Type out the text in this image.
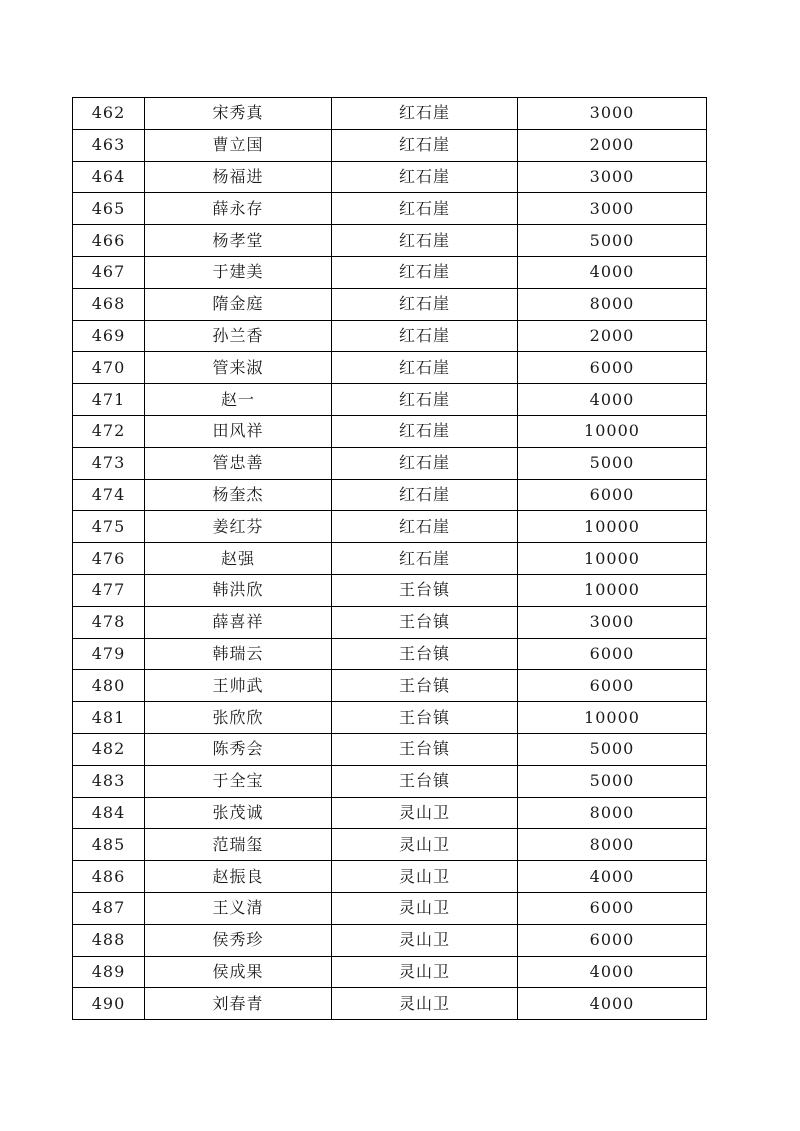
462	宋秀真	红石崖	3000
463	曹立国	红石崖	2000
464	杨福进	红石崖	3000
465	薛永存	红石崖	3000
466	杨孝堂	红石崖	5000
467	于建美	红石崖	4000
468	隋金庭	红石崖	8000
469	孙兰香	红石崖	2000
470	管来淑	红石崖	6000
471	赵一	红石崖	4000
472	田风祥	红石崖	10000
473	管忠善	红石崖	5000
474	杨奎杰	红石崖	6000
475	姜红芬	红石崖	10000
476	赵强	红石崖	10000
477	韩洪欣	王台镇	10000
478	薛喜祥	王台镇	3000
479	韩瑞云	王台镇	6000
480	王帅武	王台镇	6000
481	张欣欣	王台镇	10000
482	陈秀会	王台镇	5000
483	于全宝	王台镇	5000
484	张茂诚	灵山卫	8000
485	范瑞玺	灵山卫	8000
486	赵振良	灵山卫	4000
487	王义清	灵山卫	6000
488	侯秀珍	灵山卫	6000
489	侯成果	灵山卫	4000
490	刘春青	灵山卫	4000
